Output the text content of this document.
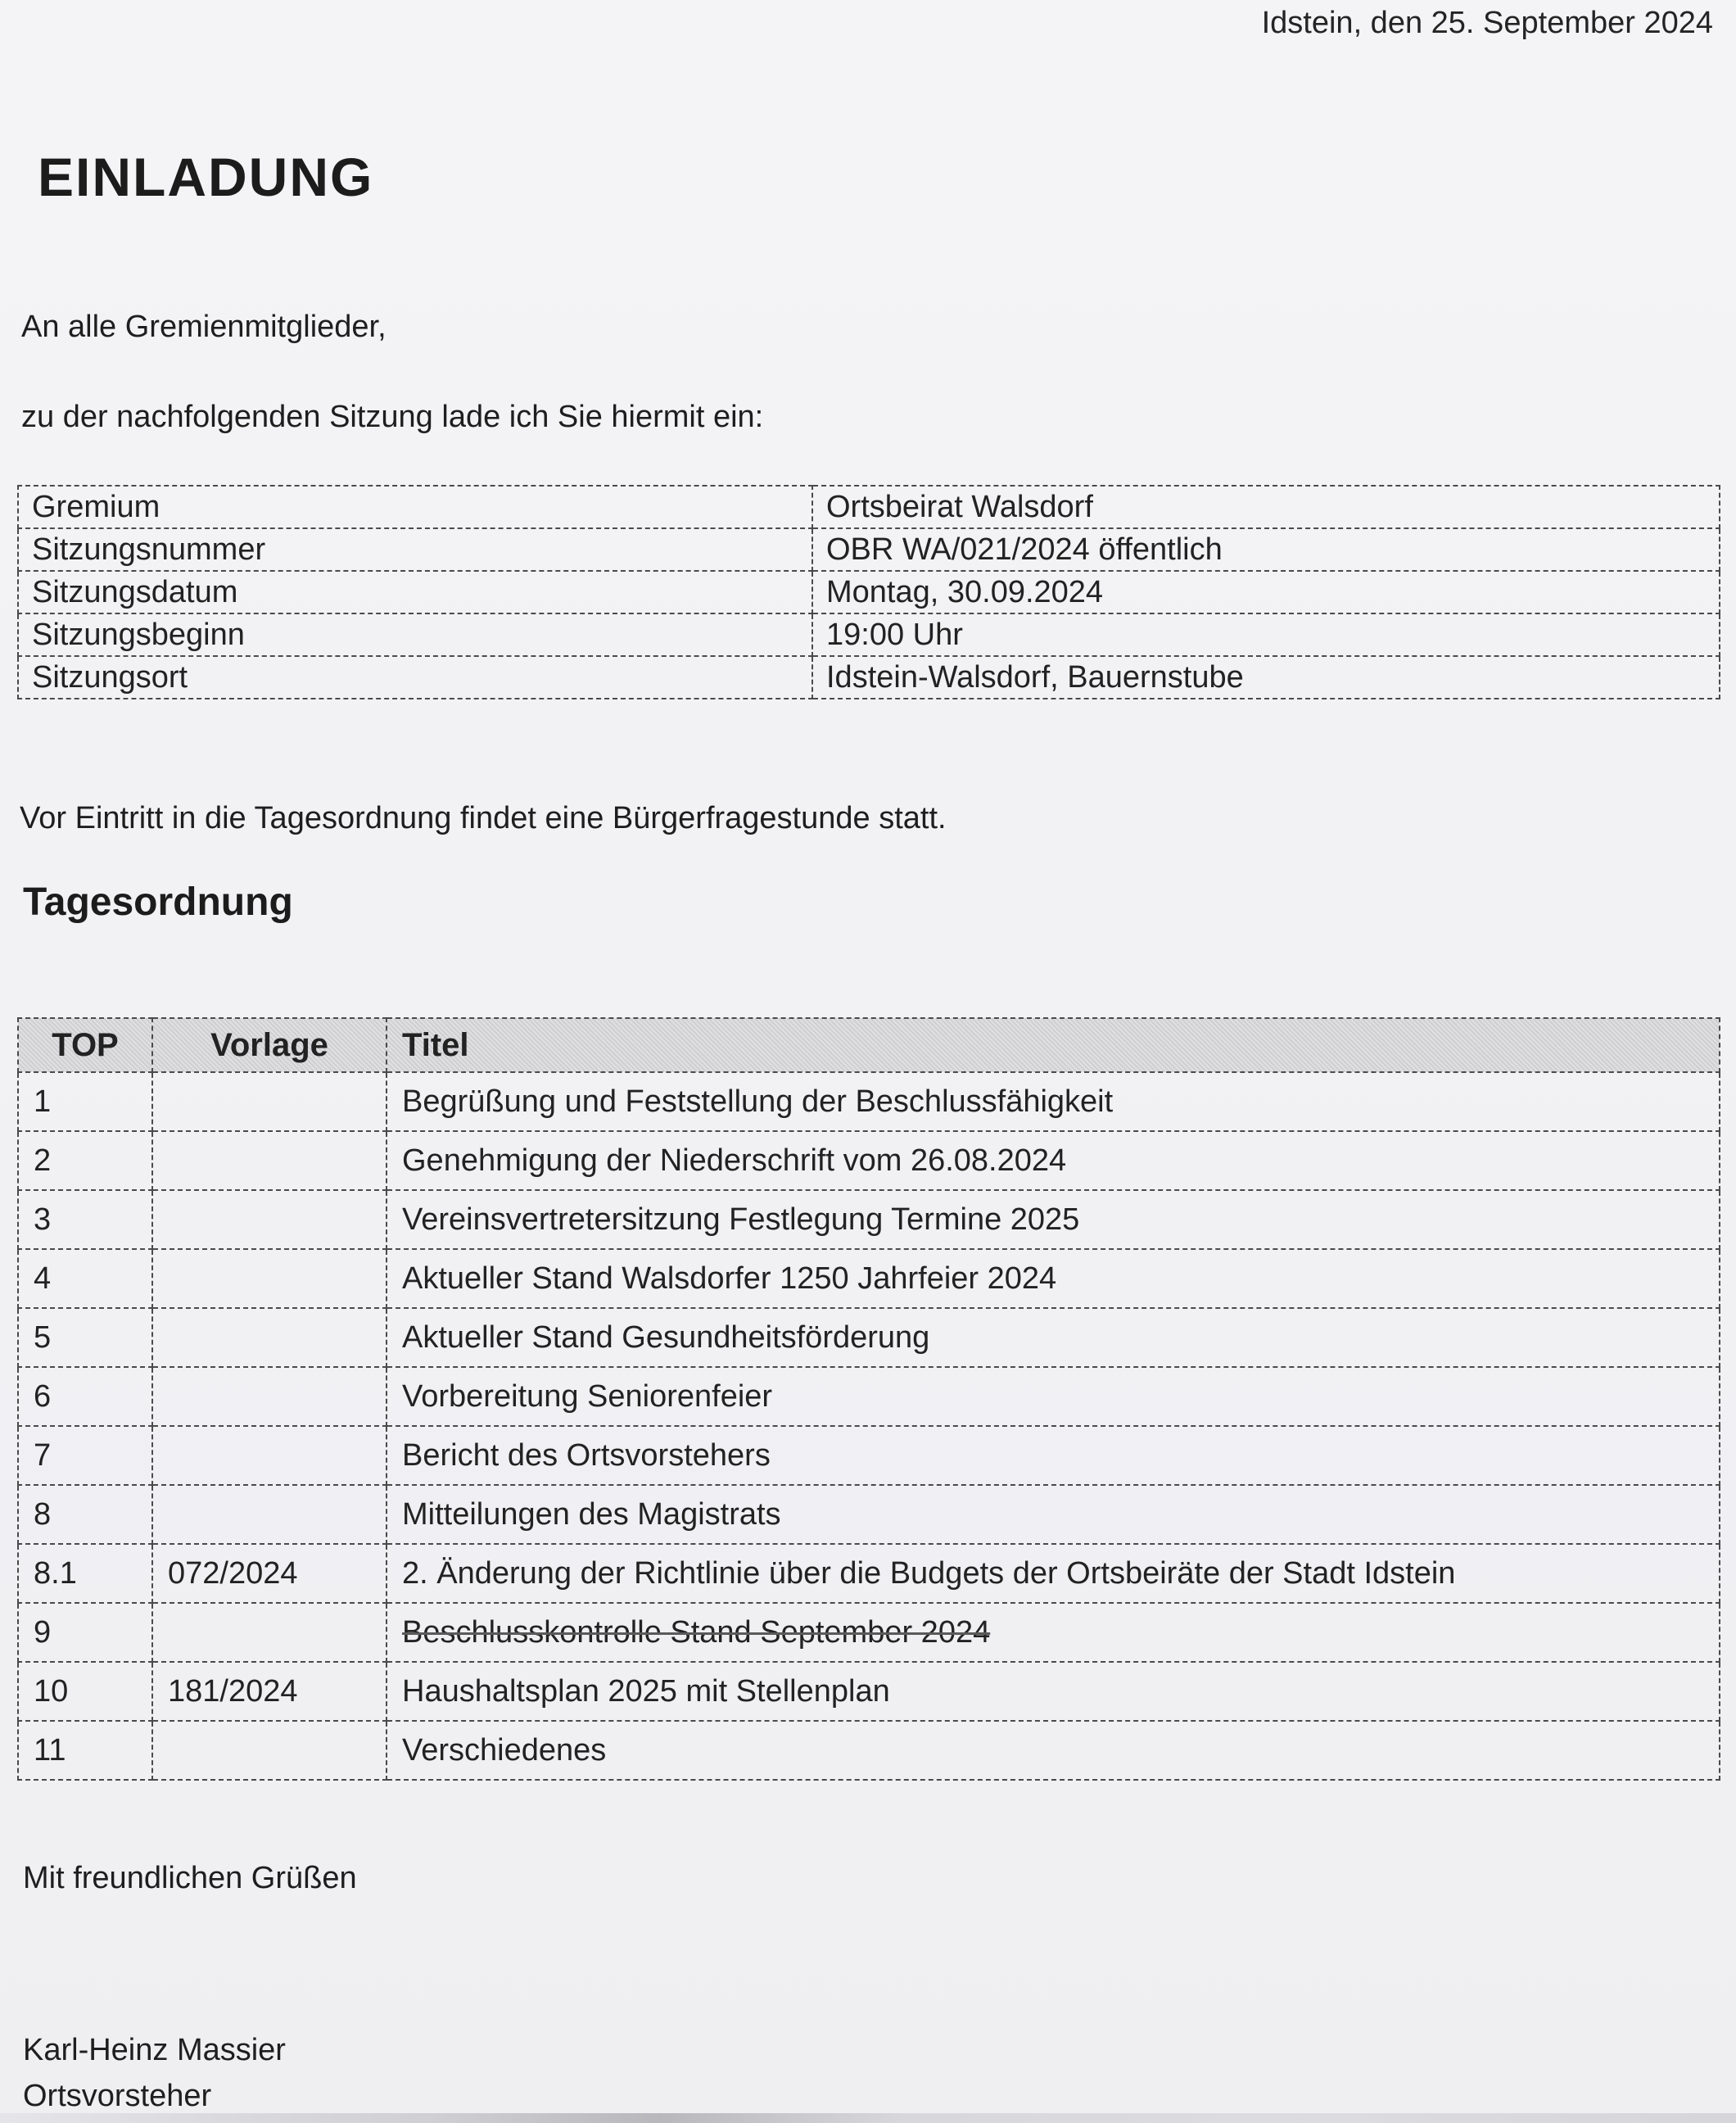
Idstein, den 25. September 2024
EINLADUNG
An alle Gremienmitglieder,
zu der nachfolgenden Sitzung lade ich Sie hiermit ein:
Gremium	Ortsbeirat Walsdorf
Sitzungsnummer	OBR WA/021/2024 öffentlich
Sitzungsdatum	Montag, 30.09.2024
Sitzungsbeginn	19:00 Uhr
Sitzungsort	Idstein-Walsdorf, Bauernstube
Vor Eintritt in die Tagesordnung findet eine Bürgerfragestunde statt.
Tagesordnung
TOP	Vorlage	Titel
1		Begrüßung und Feststellung der Beschlussfähigkeit
2		Genehmigung der Niederschrift vom 26.08.2024
3		Vereinsvertretersitzung Festlegung Termine 2025
4		Aktueller Stand Walsdorfer 1250 Jahrfeier 2024
5		Aktueller Stand Gesundheitsförderung
6		Vorbereitung Seniorenfeier
7		Bericht des Ortsvorstehers
8		Mitteilungen des Magistrats
8.1	072/2024	2. Änderung der Richtlinie über die Budgets der Ortsbeiräte der Stadt Idstein
9		Beschlusskontrolle Stand September 2024
10	181/2024	Haushaltsplan 2025 mit Stellenplan
11		Verschiedenes
Mit freundlichen Grüßen
Karl-Heinz Massier
Ortsvorsteher
